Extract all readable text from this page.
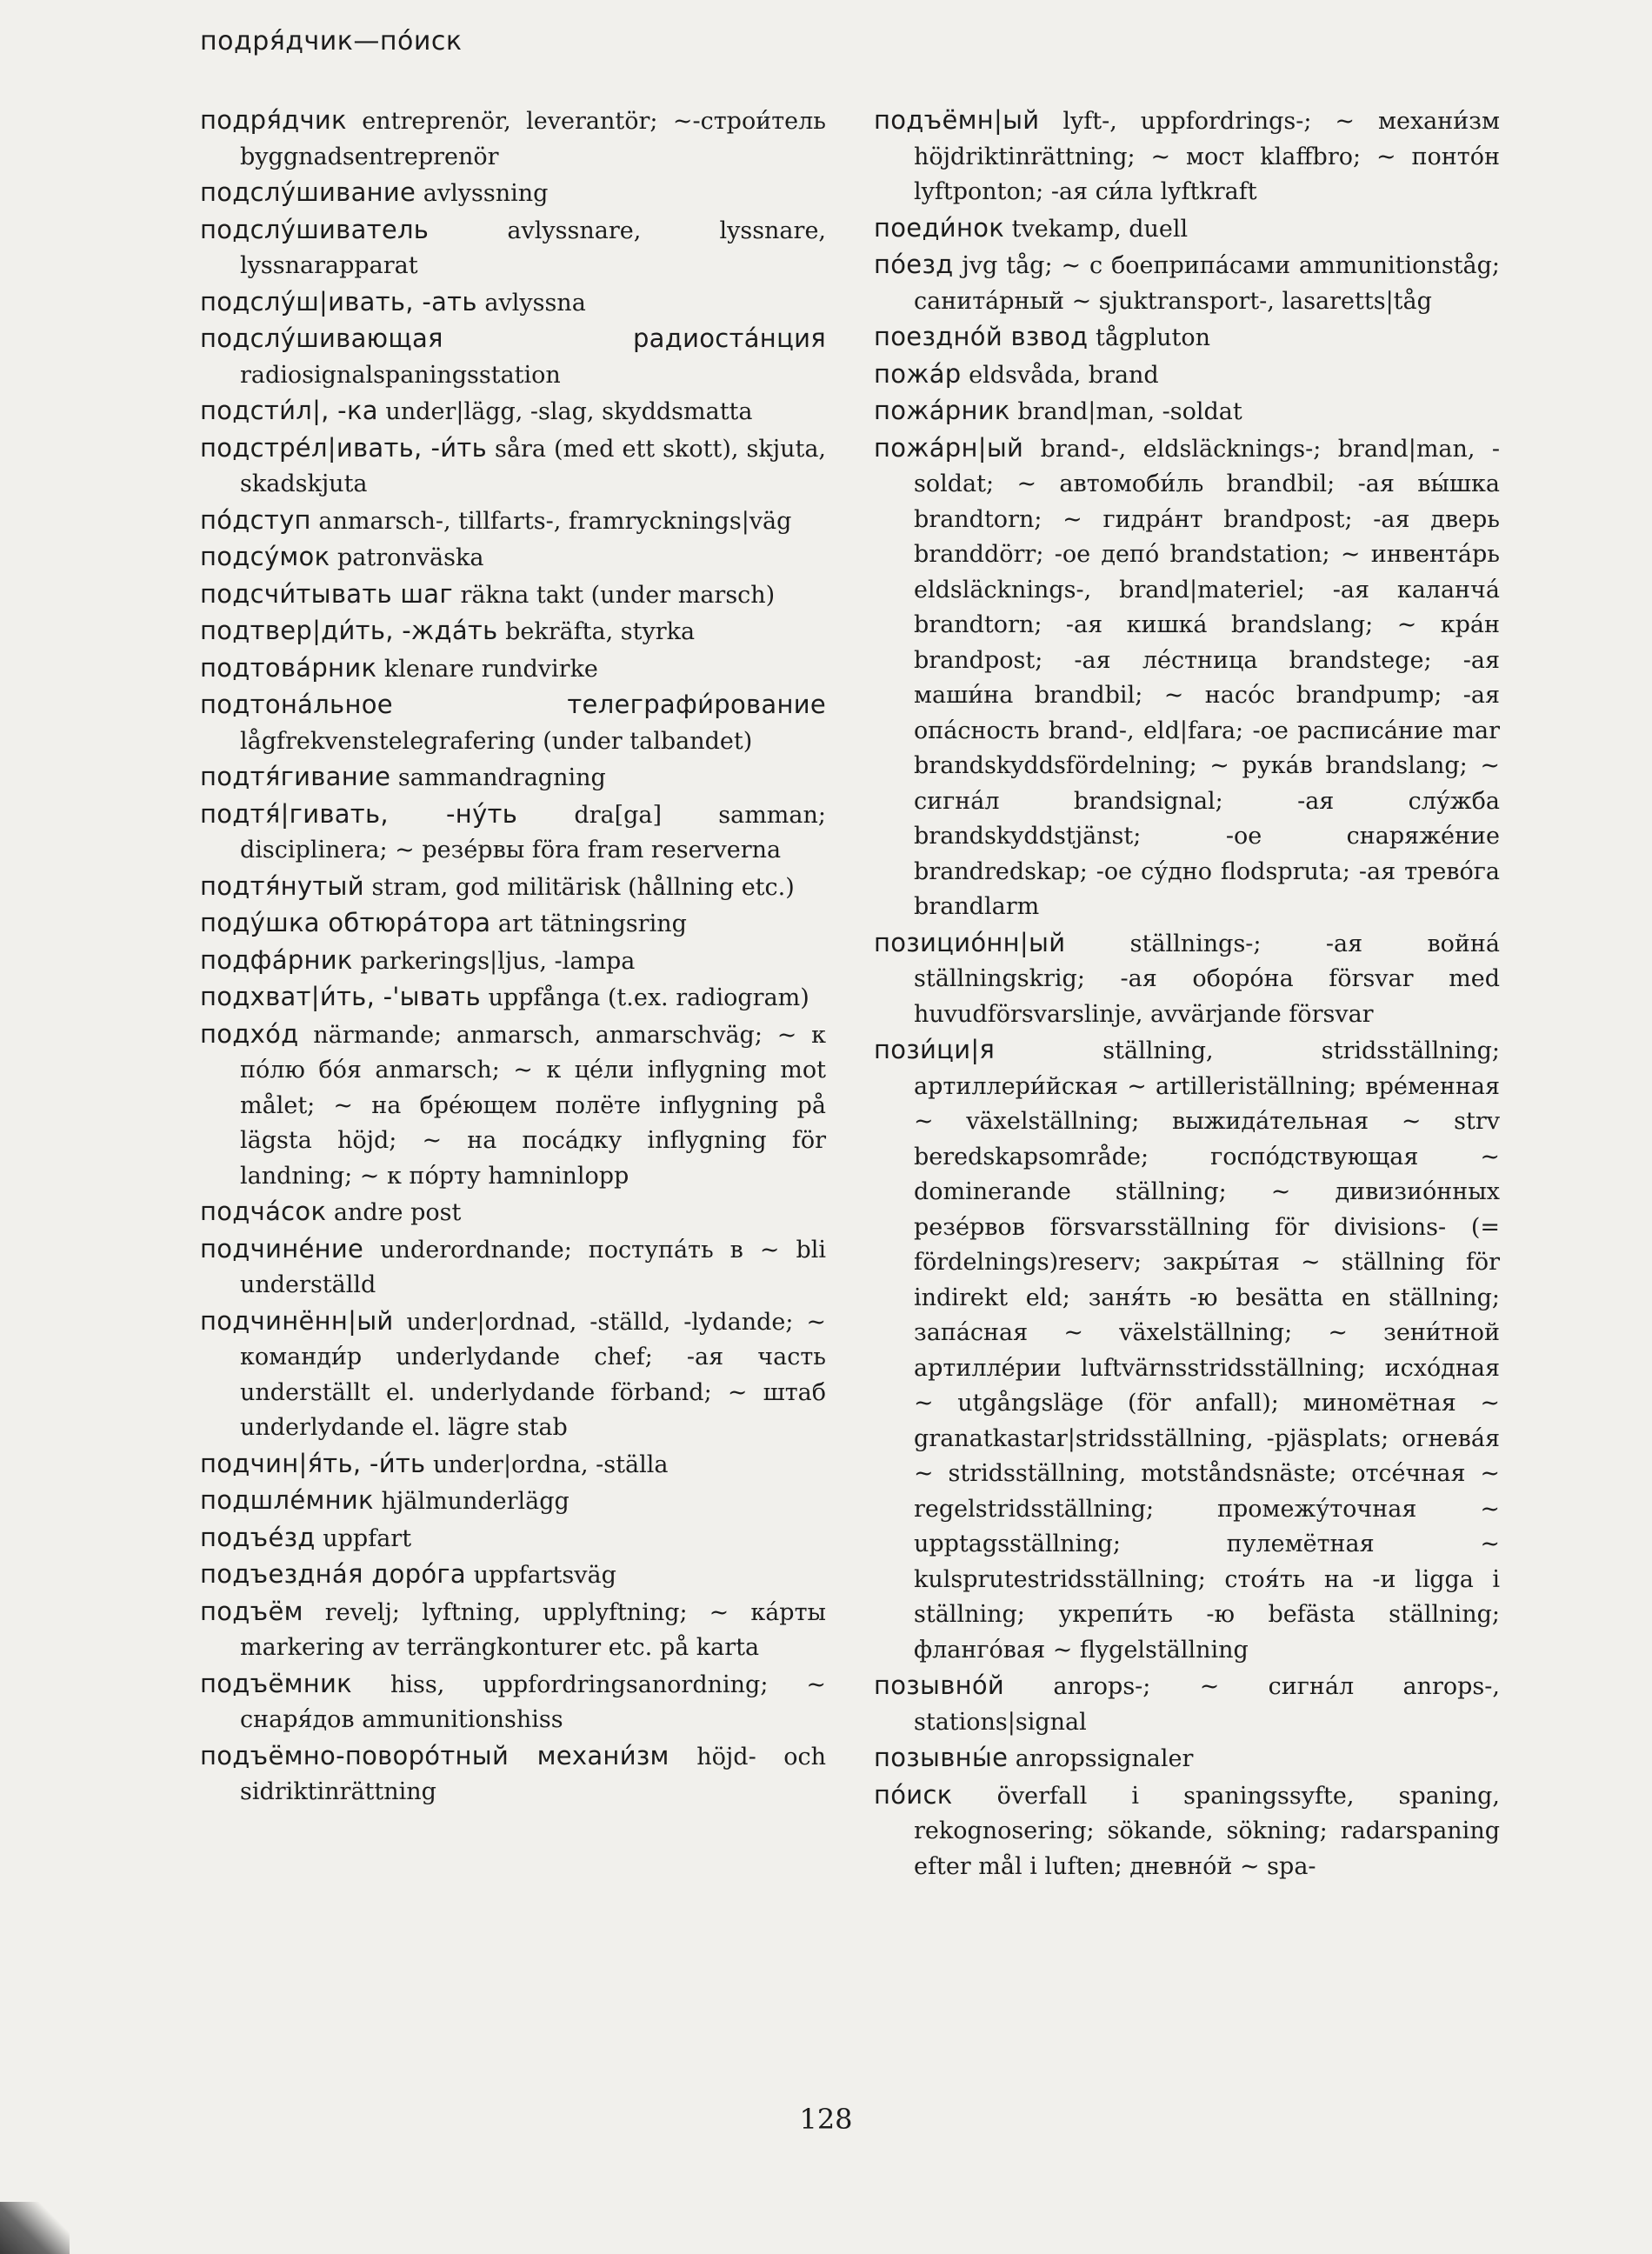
подря́дчик—по́иск

подря́дчик entreprenör, leverantör; ~-строи́тель byggnadsentreprenör

подслу́шивание avlyssning

подслу́шиватель avlyssnare, lyssnare, lyssnarapparat

подслу́ш|ивать, -ать avlyssna

подслу́шивающая радиоста́нция radiosignalspaningsstation

подсти́л|, -ка under|lägg, -slag, skyddsmatta

подстре́л|ивать, -и́ть såra (med ett skott), skjuta, skadskjuta

по́дступ anmarsch-, tillfarts-, framrycknings|väg

подсу́мок patronväska

подсчи́тывать шаг räkna takt (under marsch)

подтвер|ди́ть, -жда́ть bekräfta, styrka

подтова́рник klenare rundvirke

подтона́льное телеграфи́рование lågfrekvenstelegrafering (under talbandet)

подтя́гивание sammandragning

подтя́|гивать, -ну́ть dra[ga] samman; disciplinera; ~ резе́рвы föra fram reserverna

подтя́нутый stram, god militärisk (hållning etc.)

поду́шка обтюра́тора art tätningsring

подфа́рник parkerings|ljus, -lampa

подхват|и́ть, -'ывать uppfånga (t.ex. radiogram)

подхо́д närmande; anmarsch, anmarschväg; ~ к по́лю бо́я anmarsch; ~ к це́ли inflygning mot målet; ~ на бре́ющем полёте inflygning på lägsta höjd; ~ на поса́дку inflygning för landning; ~ к по́рту hamninlopp

подча́сок andre post

подчине́ние underordnande; поступа́ть в ~ bli underställd

подчинённ|ый under|ordnad, -ställd, -lydande; ~ команди́р underlydande chef; -ая часть underställt el. underlydande förband; ~ штаб underlydande el. lägre stab

подчин|я́ть, -и́ть under|ordna, -ställa

подшле́мник hjälmunderlägg

подъе́зд uppfart

подъездна́я доро́га uppfartsväg

подъём revelj; lyftning, upplyftning; ~ ка́рты markering av terrängkonturer etc. på karta

подъёмник hiss, uppfordringsanordning; ~ снаря́дов ammunitionshiss

подъёмно-поворо́тный механи́зм höjd- och sidriktinrättning

подъёмн|ый lyft-, uppfordrings-; ~ механи́зм höjdriktinrättning; ~ мост klaffbro; ~ понто́н lyftponton; -ая си́ла lyftkraft

поеди́нок tvekamp, duell

по́езд jvg tåg; ~ с боеприпа́сами ammunitionståg; санита́рный ~ sjuktransport-, lasaretts|tåg

поездно́й взвод tågpluton

пожа́р eldsvåda, brand

пожа́рник brand|man, -soldat

пожа́рн|ый brand-, eldsläcknings-; brand|man, -soldat; ~ автомоби́ль brandbil; -ая вы́шка brandtorn; ~ гидра́нт brandpost; -ая дверь branddörr; -ое депо́ brandstation; ~ инвента́рь eldsläcknings-, brand|materiel; -ая каланча́ brandtorn; -ая кишка́ brandslang; ~ кра́н brandpost; -ая ле́стница brandstege; -ая маши́на brandbil; ~ насо́с brandpump; -ая опа́сность brand-, eld|fara; -ое расписа́ние mar brandskyddsfördelning; ~ рука́в brandslang; ~ сигна́л brandsignal; -ая слу́жба brandskyddstjänst; -ое снаряже́ние brandredskap; -ое су́дно flodspruta; -ая трево́га brandlarm

позицио́нн|ый ställnings-; -ая война́ ställningskrig; -ая оборо́на försvar med huvudförsvarslinje, avvärjande försvar

пози́ци|я ställning, stridsställning; артиллери́йская ~ artilleriställning; вре́менная ~ växelställning; выжида́тельная ~ strv beredskapsområde; госпо́дствующая ~ dominerande ställning; ~ дивизио́нных резе́рвов försvarsställning för divisions- (= fördelnings)reserv; закры́тая ~ ställning för indirekt eld; заня́ть -ю besätta en ställning; запа́сная ~ växelställning; ~ зени́тной артилле́рии luftvärnsstridsställning; исхо́дная ~ utgångsläge (för anfall); миномётная ~ granatkastar|stridsställning, -pjäsplats; огнева́я ~ stridsställning, motståndsnäste; отсе́чная ~ regelstridsställning; промежу́точная ~ upptagsställning; пулемётная ~ kulsprutestridsställning; стоя́ть на -и ligga i ställning; укрепи́ть -ю befästa ställning; фланго́вая ~ flygelställning

позывно́й anrops-; ~ сигна́л anrops-, stations|signal

позывны́е anropssignaler

по́иск överfall i spaningssyfte, spaning, rekognosering; sökande, sökning; radarspaning efter mål i luften; дневно́й ~ spa-

128
